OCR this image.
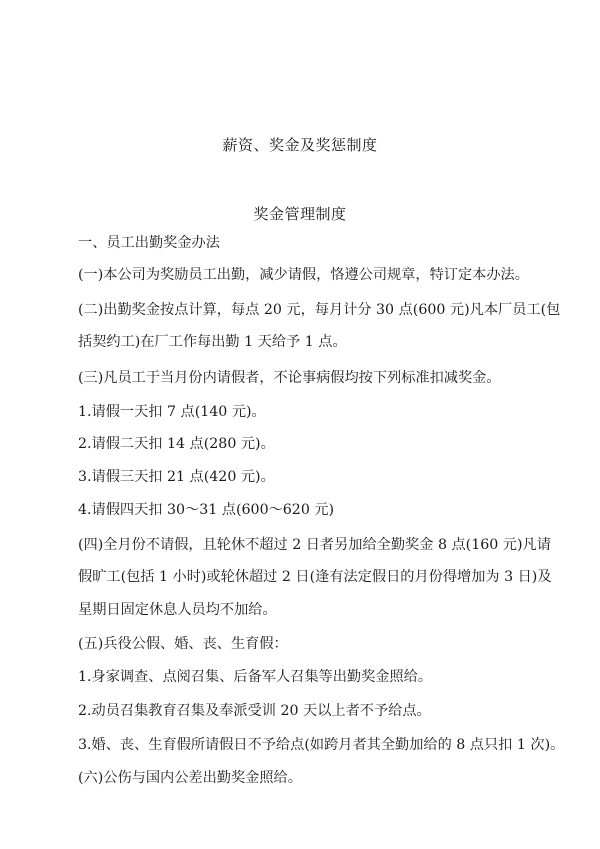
薪资、奖金及奖惩制度
奖金管理制度
一、员工出勤奖金办法
(一)本公司为奖励员工出勤，减少请假，恪遵公司规章，特订定本办法。
(二)出勤奖金按点计算，每点 20 元，每月计分 30 点(600 元)凡本厂员工(包
括契约工)在厂工作每出勤 1 天给予 1 点。
(三)凡员工于当月份内请假者，不论事病假均按下列标准扣减奖金。
1.请假一天扣 7 点(140 元)。
2.请假二天扣 14 点(280 元)。
3.请假三天扣 21 点(420 元)。
4.请假四天扣 30～31 点(600～620 元)
(四)全月份不请假，且轮休不超过 2 日者另加给全勤奖金 8 点(160 元)凡请
假旷工(包括 1 小时)或轮休超过 2 日(逢有法定假日的月份得增加为 3 日)及
星期日固定休息人员均不加给。
(五)兵役公假、婚、丧、生育假：
1.身家调查、点阅召集、后备军人召集等出勤奖金照给。
2.动员召集教育召集及奉派受训 20 天以上者不予给点。
3.婚、丧、生育假所请假日不予给点(如跨月者其全勤加给的 8 点只扣 1 次)。
(六)公伤与国内公差出勤奖金照给。
